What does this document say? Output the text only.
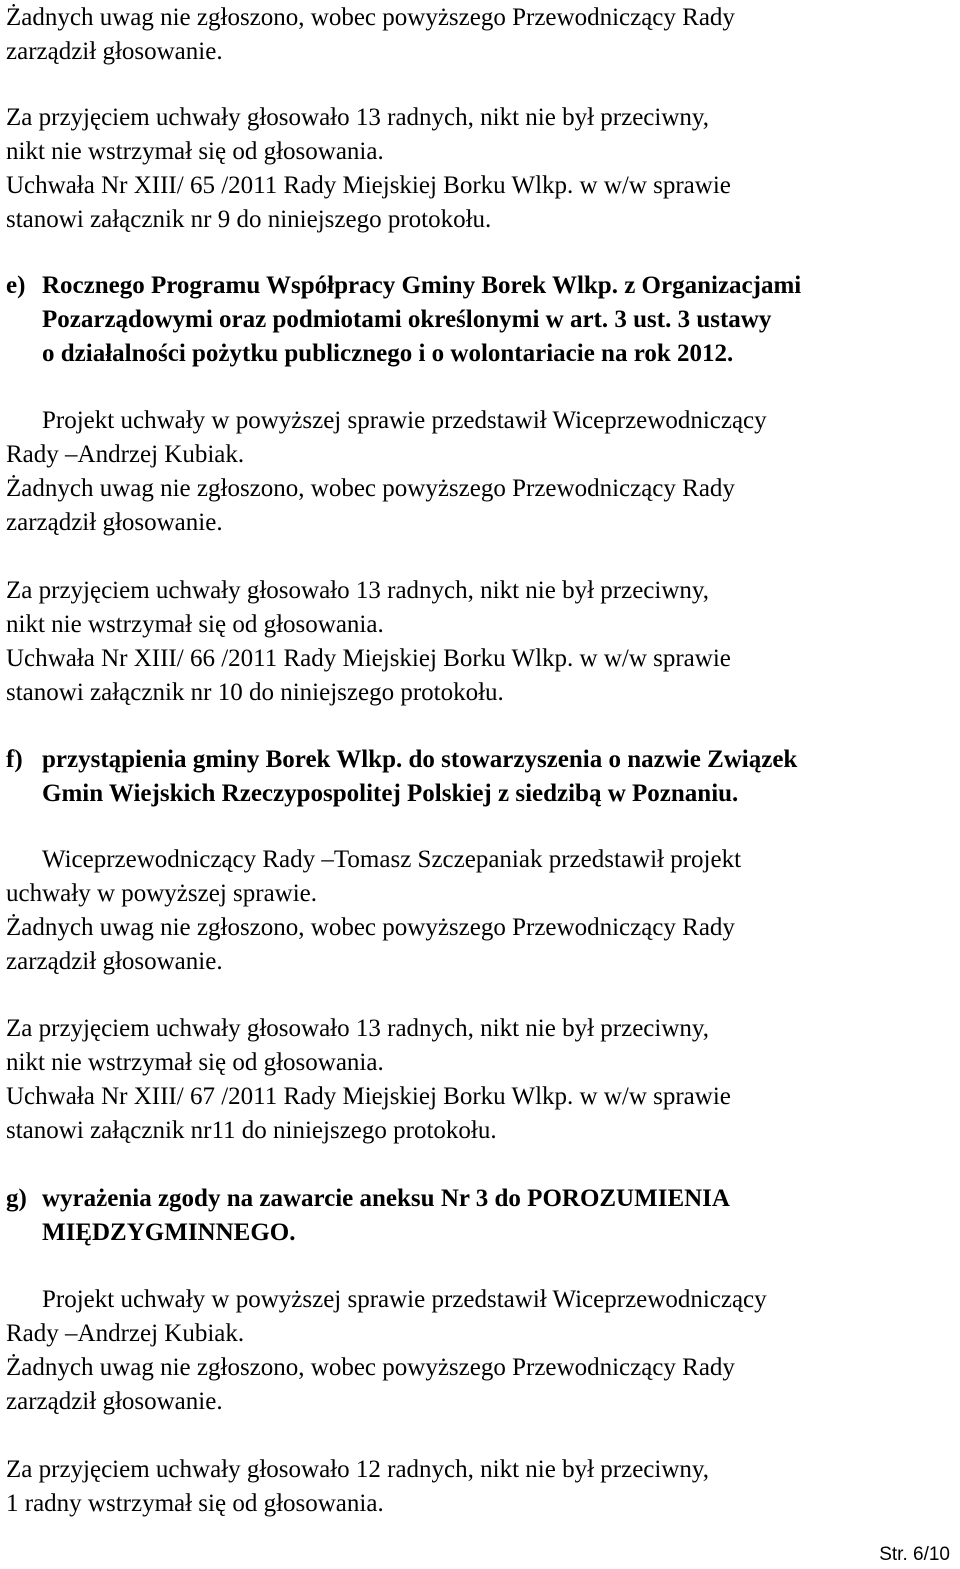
Żadnych uwag nie zgłoszono, wobec powyższego Przewodniczący Rady
zarządził głosowanie.
Za przyjęciem uchwały głosowało 13 radnych, nikt nie był przeciwny,
nikt nie wstrzymał się od głosowania.
Uchwała Nr XIII/ 65 /2011 Rady Miejskiej Borku Wlkp. w w/w sprawie
stanowi załącznik nr 9 do niniejszego protokołu.
e) Rocznego Programu Współpracy Gminy Borek Wlkp. z Organizacjami
Pozarządowymi oraz podmiotami określonymi w art. 3 ust. 3 ustawy
o działalności pożytku publicznego i o wolontariacie na rok 2012.
Projekt uchwały w powyższej sprawie przedstawił Wiceprzewodniczący
Rady –Andrzej Kubiak.
Żadnych uwag nie zgłoszono, wobec powyższego Przewodniczący Rady
zarządził głosowanie.
Za przyjęciem uchwały głosowało 13 radnych, nikt nie był przeciwny,
nikt nie wstrzymał się od głosowania.
Uchwała Nr XIII/ 66 /2011 Rady Miejskiej Borku Wlkp. w w/w sprawie
stanowi załącznik nr 10 do niniejszego protokołu.
f) przystąpienia gminy Borek Wlkp. do stowarzyszenia o nazwie Związek
Gmin Wiejskich Rzeczypospolitej Polskiej z siedzibą w Poznaniu.
Wiceprzewodniczący Rady –Tomasz Szczepaniak przedstawił projekt
uchwały w powyższej sprawie.
Żadnych uwag nie zgłoszono, wobec powyższego Przewodniczący Rady
zarządził głosowanie.
Za przyjęciem uchwały głosowało 13 radnych, nikt nie był przeciwny,
nikt nie wstrzymał się od głosowania.
Uchwała Nr XIII/ 67 /2011 Rady Miejskiej Borku Wlkp. w w/w sprawie
stanowi załącznik nr11 do niniejszego protokołu.
g) wyrażenia zgody na zawarcie aneksu Nr 3 do POROZUMIENIA
MIĘDZYGMINNEGO.
Projekt uchwały w powyższej sprawie przedstawił Wiceprzewodniczący
Rady –Andrzej Kubiak.
Żadnych uwag nie zgłoszono, wobec powyższego Przewodniczący Rady
zarządził głosowanie.
Za przyjęciem uchwały głosowało 12 radnych, nikt nie był przeciwny,
1 radny wstrzymał się od głosowania.
Str. 6/10
